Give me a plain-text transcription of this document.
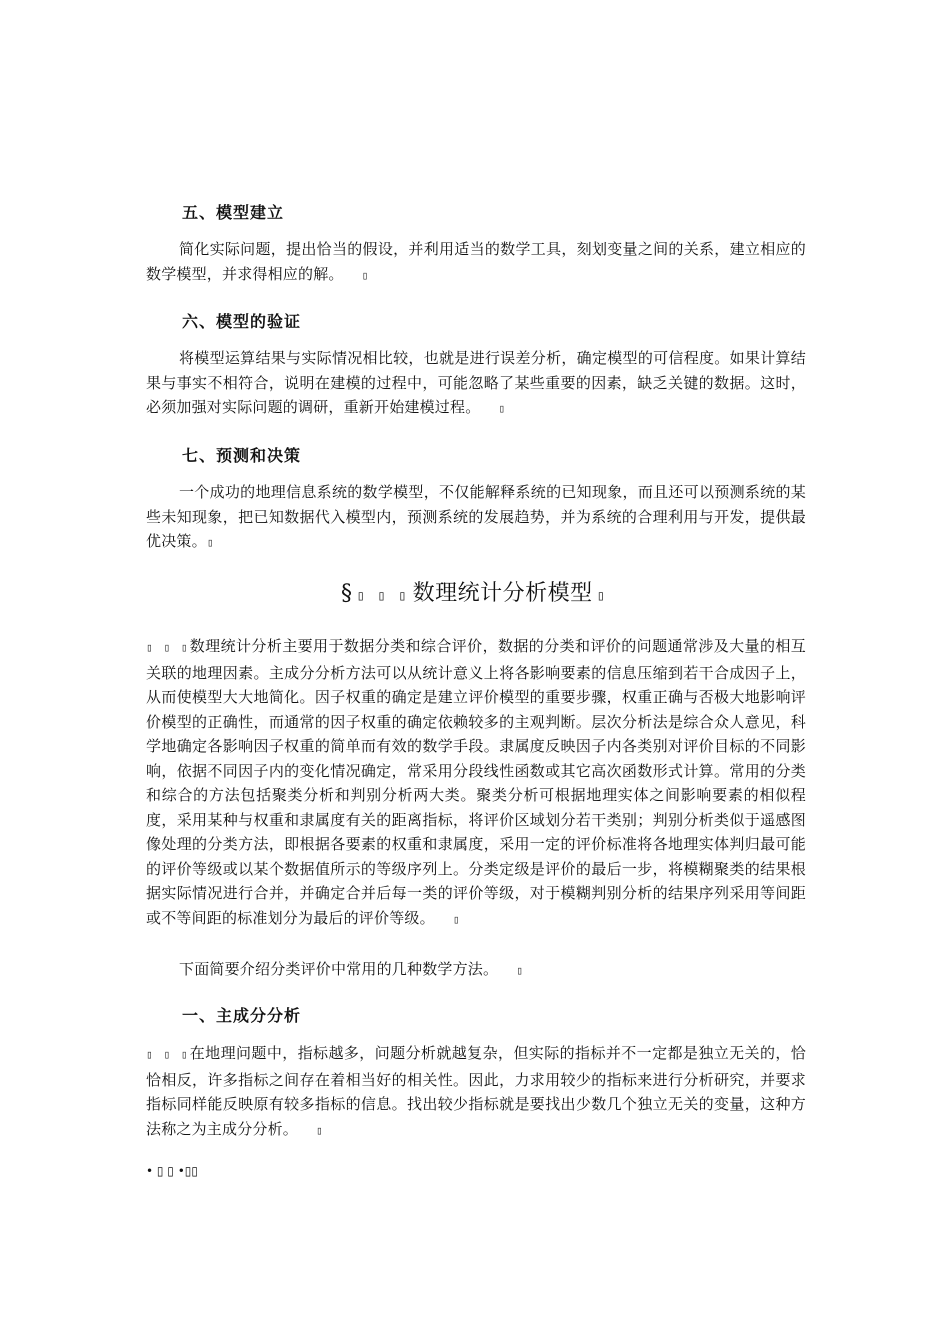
五、模型建立
简化实际问题，提出恰当的假设，并利用适当的数学工具，刻划变量之间的关系，建立相应的数学模型，并求得相应的解。 ▯
六、模型的验证
将模型运算结果与实际情况相比较，也就是进行误差分析，确定模型的可信程度。如果计算结果与事实不相符合，说明在建模的过程中，可能忽略了某些重要的因素，缺乏关键的数据。这时，必须加强对实际问题的调研，重新开始建模过程。 ▯
七、预测和决策
一个成功的地理信息系统的数学模型，不仅能解释系统的已知现象，而且还可以预测系统的某些未知现象，把已知数据代入模型内，预测系统的发展趋势，并为系统的合理利用与开发，提供最优决策。▯
§ ▯ ▯ ▯ 数理统计分析模型 ▯
▯ ▯ ▯数理统计分析主要用于数据分类和综合评价，数据的分类和评价的问题通常涉及大量的相互关联的地理因素。主成分分析方法可以从统计意义上将各影响要素的信息压缩到若干合成因子上，从而使模型大大地简化。因子权重的确定是建立评价模型的重要步骤，权重正确与否极大地影响评价模型的正确性，而通常的因子权重的确定依赖较多的主观判断。层次分析法是综合众人意见，科学地确定各影响因子权重的简单而有效的数学手段。隶属度反映因子内各类别对评价目标的不同影响，依据不同因子内的变化情况确定，常采用分段线性函数或其它高次函数形式计算。常用的分类和综合的方法包括聚类分析和判别分析两大类。聚类分析可根据地理实体之间影响要素的相似程度，采用某种与权重和隶属度有关的距离指标，将评价区域划分若干类别；判别分析类似于遥感图像处理的分类方法，即根据各要素的权重和隶属度，采用一定的评价标准将各地理实体判归最可能的评价等级或以某个数据值所示的等级序列上。分类定级是评价的最后一步，将模糊聚类的结果根据实际情况进行合并，并确定合并后每一类的评价等级，对于模糊判别分析的结果序列采用等间距或不等间距的标准划分为最后的评价等级。 ▯
下面简要介绍分类评价中常用的几种数学方法。 ▯
一、主成分分析
▯ ▯ ▯在地理问题中，指标越多，问题分析就越复杂，但实际的指标并不一定都是独立无关的，恰恰相反，许多指标之间存在着相当好的相关性。因此，力求用较少的指标来进行分析研究，并要求指标同样能反映原有较多指标的信息。找出较少指标就是要找出少数几个独立无关的变量，这种方法称之为主成分分析。 ▯
• ▯ ▯ •▯▯
